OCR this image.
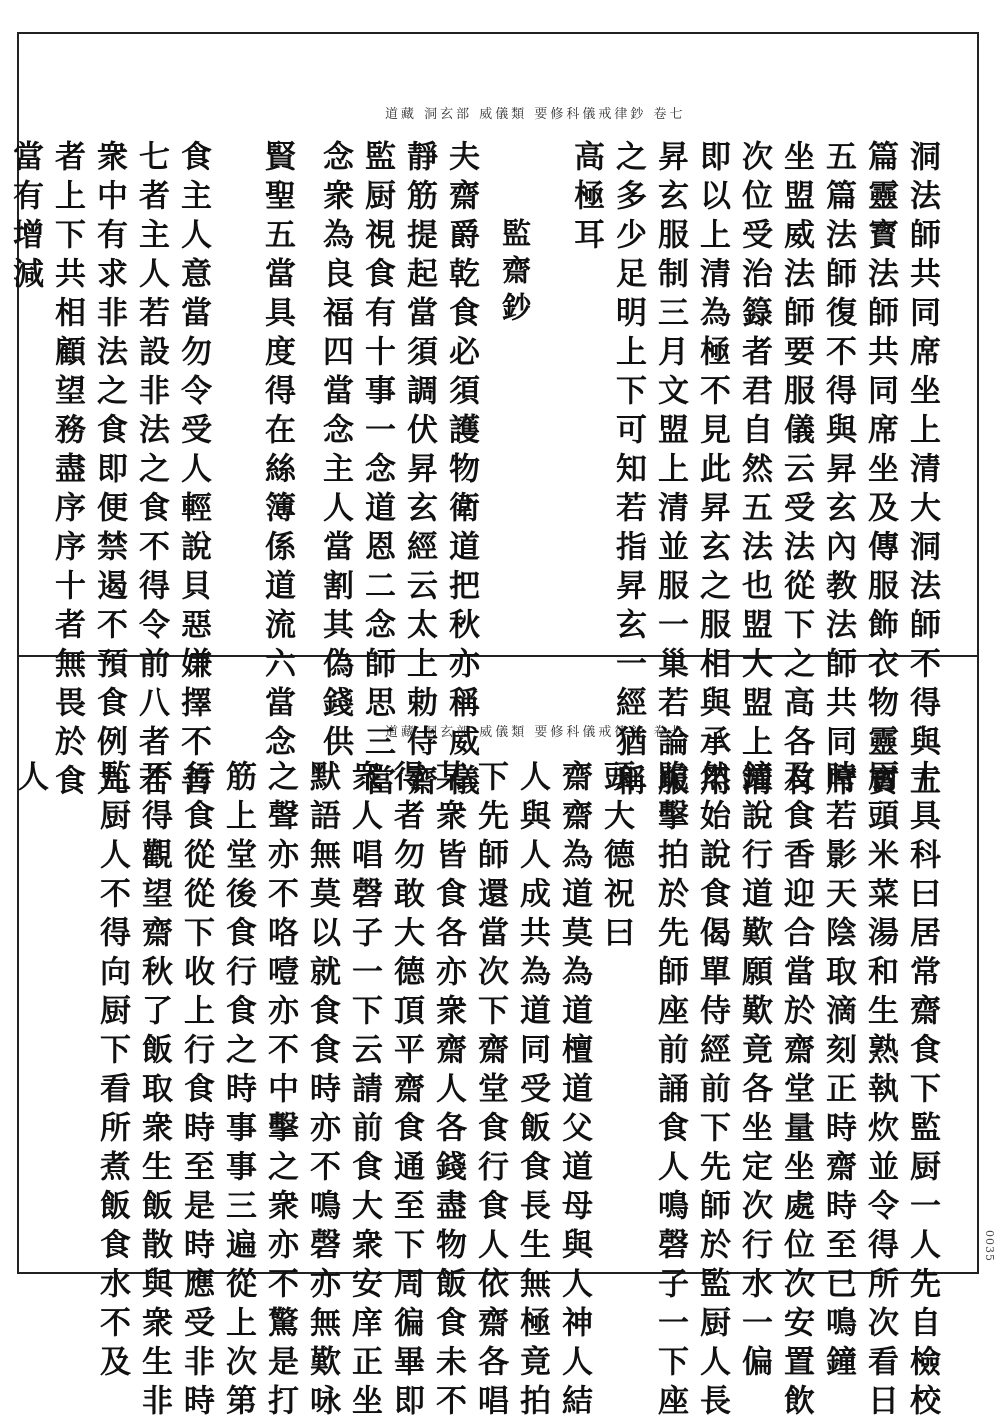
道藏 洞玄部 威儀類 要修科儀戒律鈔 卷七
道藏 洞玄部 威儀類 要修科儀戒律鈔 卷七
0035
洞法師共同席坐上清大洞法師不得與五
篇靈寳法師共同席坐及傳服飾衣物靈寳
五篇法師復不得與昇玄內教法師共同席
坐盟威法師要服儀云受法從下之高各有
次位受治籙者君自然五法也盟大盟上清
即以上清為極不見此昇玄之服相與承用
昇玄服制三月文盟上清並服一巢若論服
之多少足明上下可知若指昇玄一經猶稱
高極耳
監齋鈔
夫齋爵乾食必須護物衛道把秋亦稱威儀
靜筋提起當須調伏昇玄經云太上勅侍齋
監厨視食有十事一念道恩二念師思三當
念衆為良福四當念主人當割其偽錢供
賢聖五當具度得在絲簿係道流六當念
食主人意當勿令受人輕說貝惡嫌擇不善
七者主人若設非法之食不得令前八者若
衆中有求非法之食即便禁遏不預食例九
者上下共相顧望務盡序序十者無畏於食
當有增減
十具科曰居常齋食下監厨一人先自檢校
厨頭米菜湯和生熟執炊並令得所次看日
時若影天陰取滴刻正時齋時至已鳴鐘
及食香迎合當於齋堂量坐處位次安置飲
鐘說行道歎願歎竟各坐定次行水一偏
然始說食偈單侍經前下先師於監厨人長
跪擊拍於先師座前誦食人鳴磬子一下座
頭大德祝曰
齋齋為道莫為道檀道父道母與人神人結
人與人成共為道同受飯食長生無極竟拍
下先師還當次下齋堂食行食人依齋各唱
某衆皆食各亦衆齋人各錢盡物飯食未不
得者勿敢大德頂平齋食通至下周徧畢即
衆人唱磬子一下云請前食大衆安庠正坐
默語無莫以就食食時亦不鳴磬亦無歎咏
之聲亦不咯噎亦不中擊之衆亦不驚是打
筋上堂後食行食之時事事三遍從上次第
行食從從下收上行食時至是時應受非時
不得觀望齋秋了飯取衆生飯散與衆生非
監厨人不得向厨下看所煮飯食水不及
人
